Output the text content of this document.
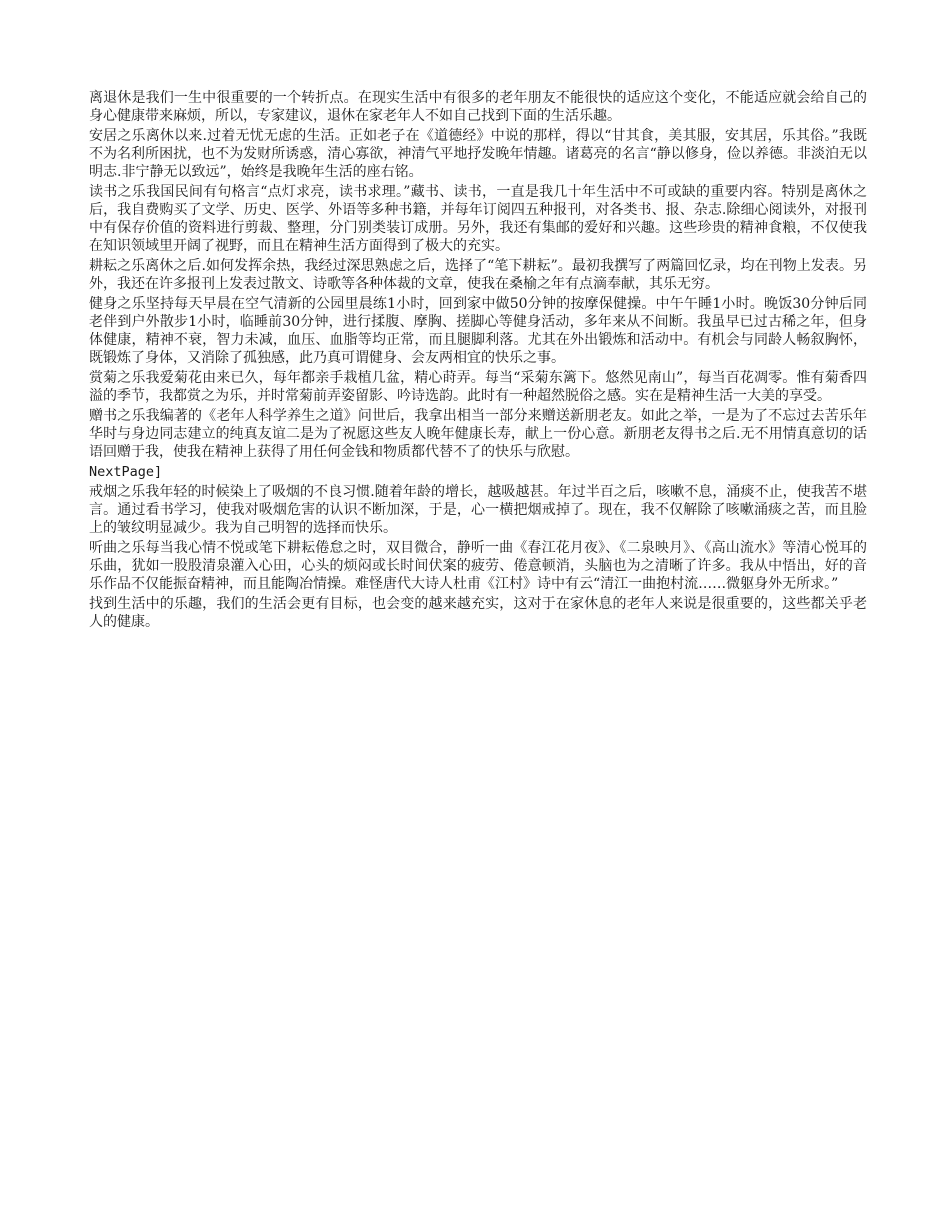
离退休是我们一生中很重要的一个转折点。在现实生活中有很多的老年朋友不能很快的适应这个变化，不能适应就会给自己的身心健康带来麻烦，所以，专家建议，退休在家老年人不如自己找到下面的生活乐趣。

安居之乐离休以来.过着无忧无虑的生活。正如老子在《道德经》中说的那样，得以“甘其食，美其服，安其居，乐其俗。”我既不为名利所困扰，也不为发财所诱惑，清心寡欲，神清气平地抒发晚年情趣。诸葛亮的名言“静以修身，俭以养德。非淡泊无以明志.非宁静无以致远”，始终是我晚年生活的座右铭。

读书之乐我国民间有句格言“点灯求亮，读书求理。”藏书、读书，一直是我几十年生活中不可或缺的重要内容。特别是离休之后，我自费购买了文学、历史、医学、外语等多种书籍，并每年订阅四五种报刊，对各类书、报、杂志.除细心阅读外，对报刊中有保存价值的资料进行剪裁、整理，分门别类装订成册。另外，我还有集邮的爱好和兴趣。这些珍贵的精神食粮，不仅使我在知识领域里开阔了视野，而且在精神生活方面得到了极大的充实。

耕耘之乐离休之后.如何发挥余热，我经过深思熟虑之后，选择了“笔下耕耘”。最初我撰写了两篇回忆录，均在刊物上发表。另外，我还在许多报刊上发表过散文、诗歌等各种体裁的文章，使我在桑榆之年有点滴奉献，其乐无穷。

健身之乐坚持每天早晨在空气清新的公园里晨练1小时，回到家中做50分钟的按摩保健操。中午午睡1小时。晚饭30分钟后同老伴到户外散步1小时，临睡前30分钟，进行揉腹、摩胸、搓脚心等健身活动，多年来从不间断。我虽早已过古稀之年，但身体健康，精神不衰，智力未减，血压、血脂等均正常，而且腿脚利落。尤其在外出锻炼和活动中。有机会与同龄人畅叙胸怀，既锻炼了身体，又消除了孤独感，此乃真可谓健身、会友两相宜的快乐之事。

赏菊之乐我爱菊花由来已久，每年都亲手栽植几盆，精心莳弄。每当“采菊东篱下。悠然见南山”，每当百花凋零。惟有菊香四溢的季节，我都赏之为乐，并时常菊前弄姿留影、吟诗选韵。此时有一种超然脱俗之感。实在是精神生活一大美的享受。

赠书之乐我编著的《老年人科学养生之道》问世后，我拿出相当一部分来赠送新朋老友。如此之举，一是为了不忘过去苦乐年华时与身边同志建立的纯真友谊二是为了祝愿这些友人晚年健康长寿，献上一份心意。新朋老友得书之后.无不用情真意切的话语回赠于我，使我在精神上获得了用任何金钱和物质都代替不了的快乐与欣慰。

NextPage]

戒烟之乐我年轻的时候染上了吸烟的不良习惯.随着年龄的增长，越吸越甚。年过半百之后，咳嗽不息，涌痰不止，使我苦不堪言。通过看书学习，使我对吸烟危害的认识不断加深，于是，心一横把烟戒掉了。现在，我不仅解除了咳嗽涌痰之苦，而且脸上的皱纹明显减少。我为自己明智的选择而快乐。

听曲之乐每当我心情不悦或笔下耕耘倦怠之时，双目微合，静听一曲《春江花月夜》、《二泉映月》、《高山流水》等清心悦耳的乐曲，犹如一股股清泉灌入心田，心头的烦闷或长时间伏案的疲劳、倦意顿消，头脑也为之清晰了许多。我从中悟出，好的音乐作品不仅能振奋精神，而且能陶冶情操。难怪唐代大诗人杜甫《江村》诗中有云“清江一曲抱村流……微躯身外无所求。”

找到生活中的乐趣，我们的生活会更有目标，也会变的越来越充实，这对于在家休息的老年人来说是很重要的，这些都关乎老人的健康。
